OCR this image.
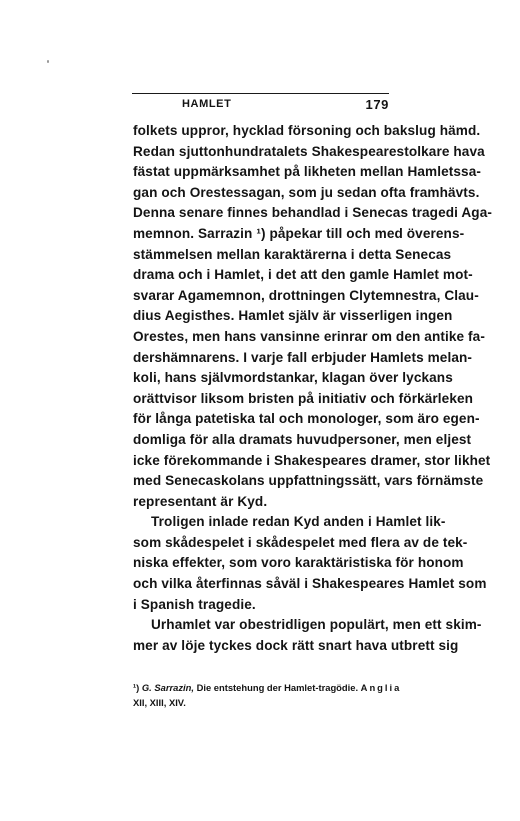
HAMLET	179
folkets uppror, hycklad försoning och bakslug hämd.
Redan sjuttonhundratalets Shakespearestolkare hava
fästat uppmärksamhet på likheten mellan Hamletssa-
gan och Orestessagan, som ju sedan ofta framhävts.
Denna senare finnes behandlad i Senecas tragedi Aga-
memnon. Sarrazin ¹) påpekar till och med överens-
stämmelsen mellan karaktärerna i detta Senecas
drama och i Hamlet, i det att den gamle Hamlet mot-
svarar Agamemnon, drottningen Clytemnestra, Clau-
dius Aegisthes. Hamlet själv är visserligen ingen
Orestes, men hans vansinne erinrar om den antike fa-
dershämnarens. I varje fall erbjuder Hamlets melan-
koli, hans självmordstankar, klagan över lyckans
orättvisor liksom bristen på initiativ och förkärleken
för långa patetiska tal och monologer, som äro egen-
domliga för alla dramats huvudpersoner, men eljest
icke förekommande i Shakespeares dramer, stor likhet
med Senecaskolans uppfattningssätt, vars förnämste
representant är Kyd.
Troligen inlade redan Kyd anden i Hamlet lik-
som skådespelet i skådespelet med flera av de tek-
niska effekter, som voro karaktäristiska för honom
och vilka återfinnas såväl i Shakespeares Hamlet som
i Spanish tragedie.
Urhamlet var obestridligen populärt, men ett skim-
mer av löje tyckes dock rätt snart hava utbrett sig
¹) G. Sarrazin, Die entstehung der Hamlet-tragödie. Anglia
XII, XIII, XIV.
